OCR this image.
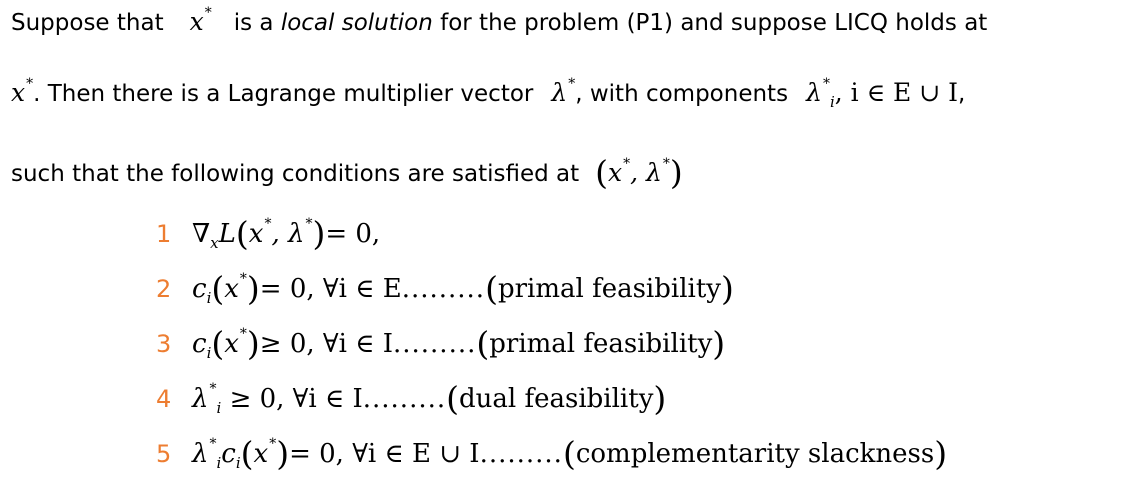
Suppose that x* is a local solution for the problem (P1) and suppose LICQ holds at
x*. Then there is a Lagrange multiplier vector λ*, with components $\lambda^*_i$, i ∈ E ∪ I,
such that the following conditions are satisfied at (x*, λ*)
1 $\nabla_xL(x^*$, λ*)= 0,
2 $c_i(x^*)= 0$, ∀i ∈ E.........(primal feasibility)
3 $c_i(x^*)\ge 0$, ∀i ∈ I.........(primal feasibility)
4 $\lambda^*_i \ge 0$, ∀i ∈ I.........(dual feasibility)
5 $\lambda^*_ic_i(x^*)= 0$, ∀i ∈ E ∪ I.........(complementarity slackness)
